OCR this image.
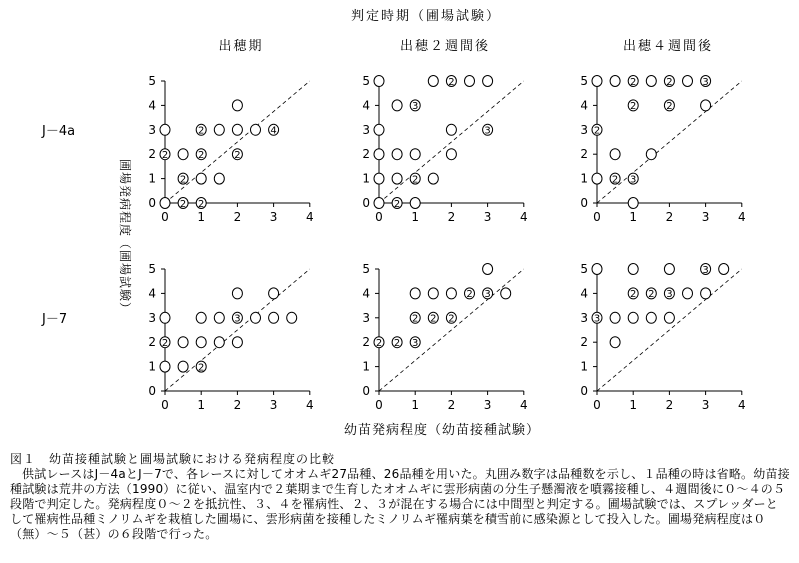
判定時期（圃場試験）
出穂期	出穂２週間後	出穂４週間後
J－4a
J－7
圃場発病程度（圃場試験）
幼苗発病程度（幼苗接種試験）
0 1 2 3 4
0
1
2
3
4
5
2 2
2
2	2	2
2	4
0 1 2 3 4
0
1
2
3
4
5
2
2
3
3
2
0 1 2 3 4
0
1
2
3
4
5
2 3
2
2	2
2	2	3
0 1 2 3 4
0
1
2
3
4
5
2
2
3
0 1 2 3 4
0
1
2
3
4
5
2 2 3
2 2 2
2 3
0 1 2 3 4
0
1
2
3
4
5
3
2 2 3
3
図１　幼苗接種試験と圃場試験における発病程度の比較
供試レースはJ－4aとJ－7で、各レースに対してオオムギ27品種、26品種を用いた。丸囲み数字は品種数を示し、１品種の時は省略。幼苗接種試験は荒井の方法（1990）に従い、温室内で２葉期まで生育したオオムギに雲形病菌の分生子懸濁液を噴霧接種し、４週間後に０～４の５段階で判定した。発病程度０～２を抵抗性、３、４を罹病性、２、３が混在する場合には中間型と判定する。圃場試験では、スプレッダーとして罹病性品種ミノリムギを栽植した圃場に、雲形病菌を接種したミノリムギ罹病葉を積雪前に感染源として投入した。圃場発病程度は０（無）～５（甚）の６段階で行った。
